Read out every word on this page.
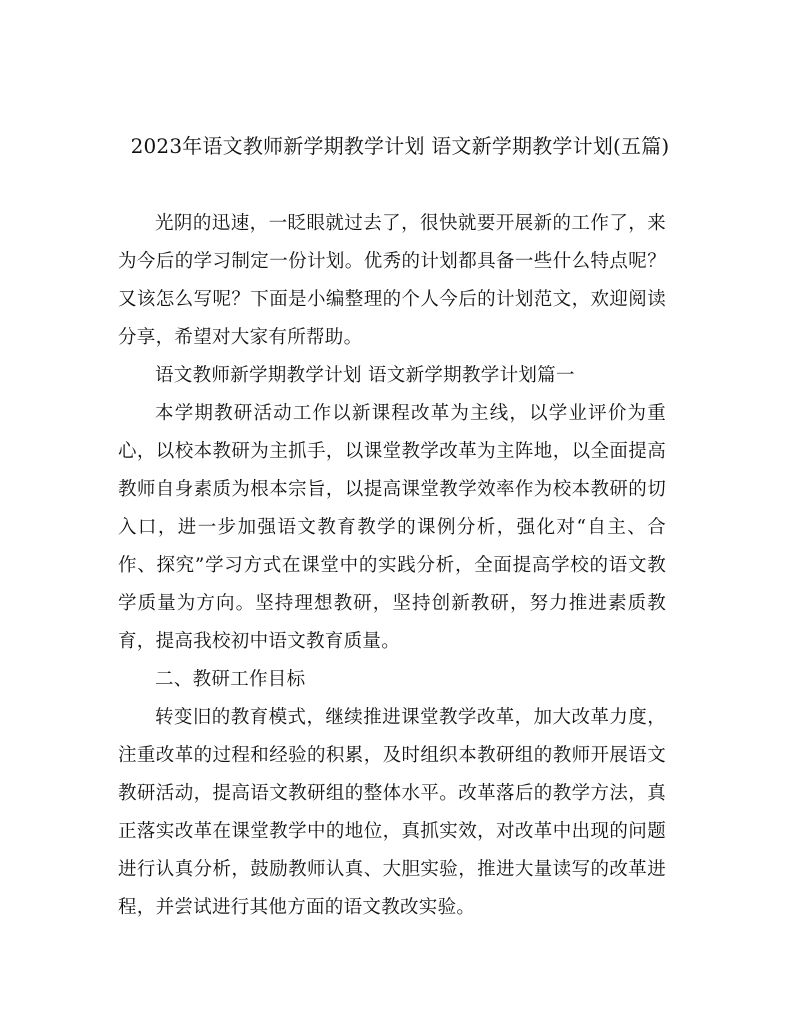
2023年语文教师新学期教学计划 语文新学期教学计划(五篇)

光阴的迅速，一眨眼就过去了，很快就要开展新的工作了，来为今后的学习制定一份计划。优秀的计划都具备一些什么特点呢？又该怎么写呢？下面是小编整理的个人今后的计划范文，欢迎阅读分享，希望对大家有所帮助。

语文教师新学期教学计划 语文新学期教学计划篇一

本学期教研活动工作以新课程改革为主线，以学业评价为重心，以校本教研为主抓手，以课堂教学改革为主阵地，以全面提高教师自身素质为根本宗旨，以提高课堂教学效率作为校本教研的切入口，进一步加强语文教育教学的课例分析，强化对“自主、合作、探究”学习方式在课堂中的实践分析，全面提高学校的语文教学质量为方向。坚持理想教研，坚持创新教研，努力推进素质教育，提高我校初中语文教育质量。

二、教研工作目标

转变旧的教育模式，继续推进课堂教学改革，加大改革力度，注重改革的过程和经验的积累，及时组织本教研组的教师开展语文教研活动，提高语文教研组的整体水平。改革落后的教学方法，真正落实改革在课堂教学中的地位，真抓实效，对改革中出现的问题进行认真分析，鼓励教师认真、大胆实验，推进大量读写的改革进程，并尝试进行其他方面的语文教改实验。
